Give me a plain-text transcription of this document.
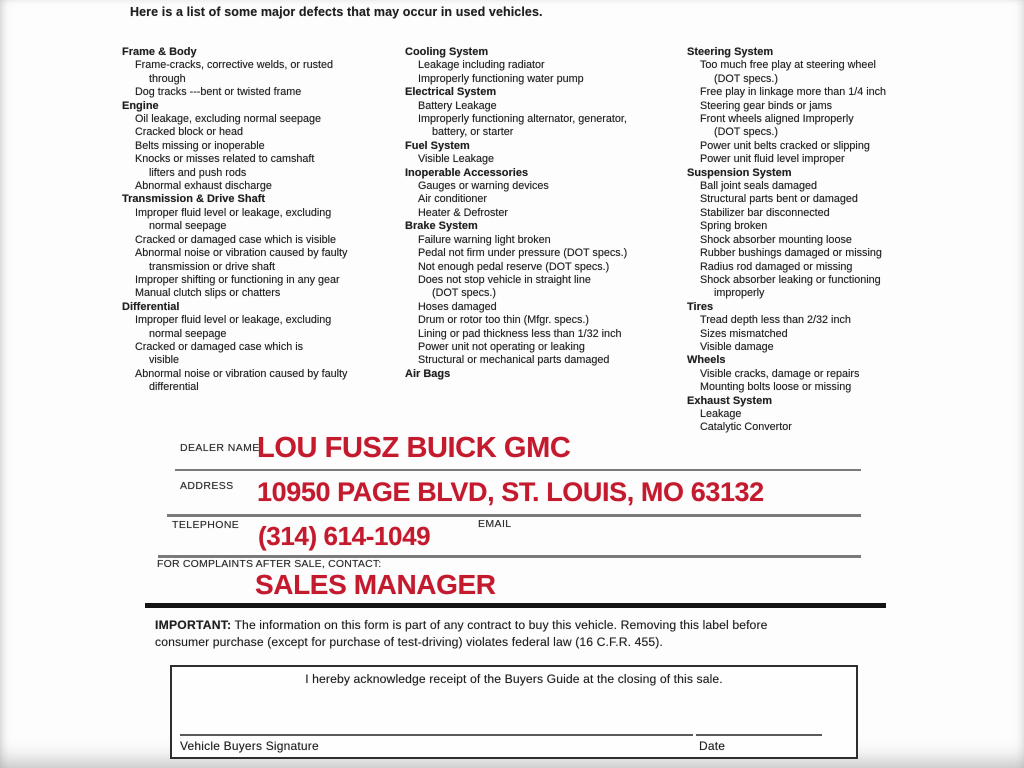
Here is a list of some major defects that may occur in used vehicles.
Frame & Body
Frame-cracks, corrective welds, or rusted
through
Dog tracks ---bent or twisted frame
Engine
Oil leakage, excluding normal seepage
Cracked block or head
Belts missing or inoperable
Knocks or misses related to camshaft
lifters and push rods
Abnormal exhaust discharge
Transmission & Drive Shaft
Improper fluid level or leakage, excluding
normal seepage
Cracked or damaged case which is visible
Abnormal noise or vibration caused by faulty
transmission or drive shaft
Improper shifting or functioning in any gear
Manual clutch slips or chatters
Differential
Improper fluid level or leakage, excluding
normal seepage
Cracked or damaged case which is
visible
Abnormal noise or vibration caused by faulty
differential
Cooling System
Leakage including radiator
Improperly functioning water pump
Electrical System
Battery Leakage
Improperly functioning alternator, generator,
battery, or starter
Fuel System
Visible Leakage
Inoperable Accessories
Gauges or warning devices
Air conditioner
Heater & Defroster
Brake System
Failure warning light broken
Pedal not firm under pressure (DOT specs.)
Not enough pedal reserve (DOT specs.)
Does not stop vehicle in straight line
(DOT specs.)
Hoses damaged
Drum or rotor too thin (Mfgr. specs.)
Lining or pad thickness less than 1/32 inch
Power unit not operating or leaking
Structural or mechanical parts damaged
Air Bags
Steering System
Too much free play at steering wheel
(DOT specs.)
Free play in linkage more than 1/4 inch
Steering gear binds or jams
Front wheels aligned Improperly
(DOT specs.)
Power unit belts cracked or slipping
Power unit fluid level improper
Suspension System
Ball joint seals damaged
Structural parts bent or damaged
Stabilizer bar disconnected
Spring broken
Shock absorber mounting loose
Rubber bushings damaged or missing
Radius rod damaged or missing
Shock absorber leaking or functioning
improperly
Tires
Tread depth less than 2/32 inch
Sizes mismatched
Visible damage
Wheels
Visible cracks, damage or repairs
Mounting bolts loose or missing
Exhaust System
Leakage
Catalytic Convertor
DEALER NAME
LOU FUSZ BUICK GMC
ADDRESS 10950 PAGE BLVD, ST. LOUIS, MO 63132
TELEPHONE (314) 614-1049	EMAIL
FOR COMPLAINTS AFTER SALE, CONTACT:
SALES MANAGER
IMPORTANT: The information on this form is part of any contract to buy this vehicle. Removing this label before consumer purchase (except for purchase of test-driving) violates federal law (16 C.F.R. 455).
I hereby acknowledge receipt of the Buyers Guide at the closing of this sale.
Vehicle Buyers Signature	Date
